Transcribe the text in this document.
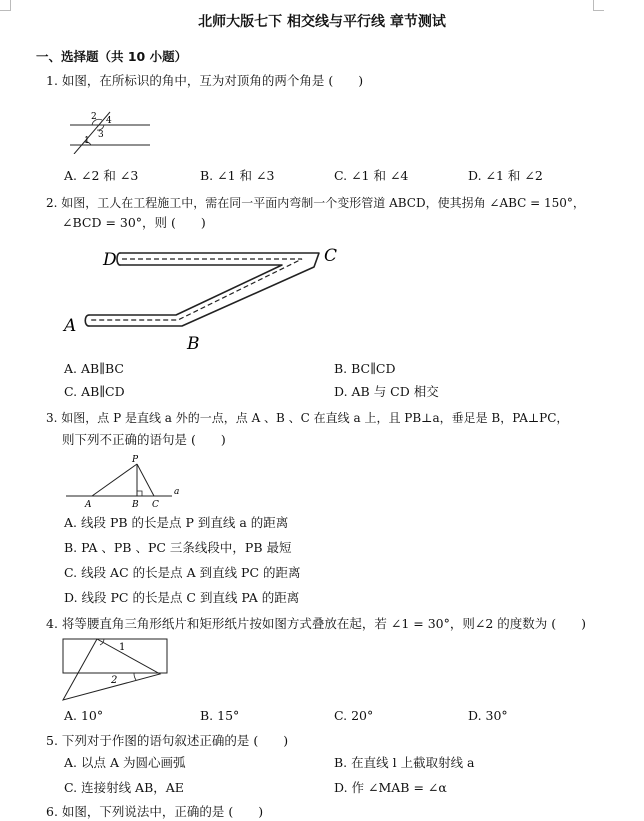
北师大版七下 相交线与平行线 章节测试
一、选择题（共 10 小题）
1. 如图，在所标识的角中，互为对顶角的两个角是 (　　)
1
2
3
4
A. ∠2 和 ∠3	B. ∠1 和 ∠3	C. ∠1 和 ∠4	D. ∠1 和 ∠2
2. 如图，工人在工程施工中，需在同一平面内弯制一个变形管道 ABCD，使其拐角 ∠ABC = 150°，
∠BCD = 30°，则 (　　)
D	C
A
B
A. AB∥BC	B. BC∥CD
C. AB∥CD	D. AB 与 CD 相交
3. 如图，点 P 是直线 a 外的一点，点 A 、B 、C 在直线 a 上，且 PB⊥a，垂足是 B，PA⊥PC，
则下列不正确的语句是 (　　)
P
A	B C
a
A. 线段 PB 的长是点 P 到直线 a 的距离
B. PA 、PB 、PC 三条线段中，PB 最短
C. 线段 AC 的长是点 A 到直线 PC 的距离
D. 线段 PC 的长是点 C 到直线 PA 的距离
4. 将等腰直角三角形纸片和矩形纸片按如图方式叠放在起，若 ∠1 = 30°，则∠2 的度数为 (　　)
1
2
A. 10°	B. 15°	C. 20°	D. 30°
5. 下列对于作图的语句叙述正确的是 (　　)
A. 以点 A 为圆心画弧	B. 在直线 l 上截取射线 a
C. 连接射线 AB，AE	D. 作 ∠MAB = ∠α
6. 如图，下列说法中，正确的是 (　　)
